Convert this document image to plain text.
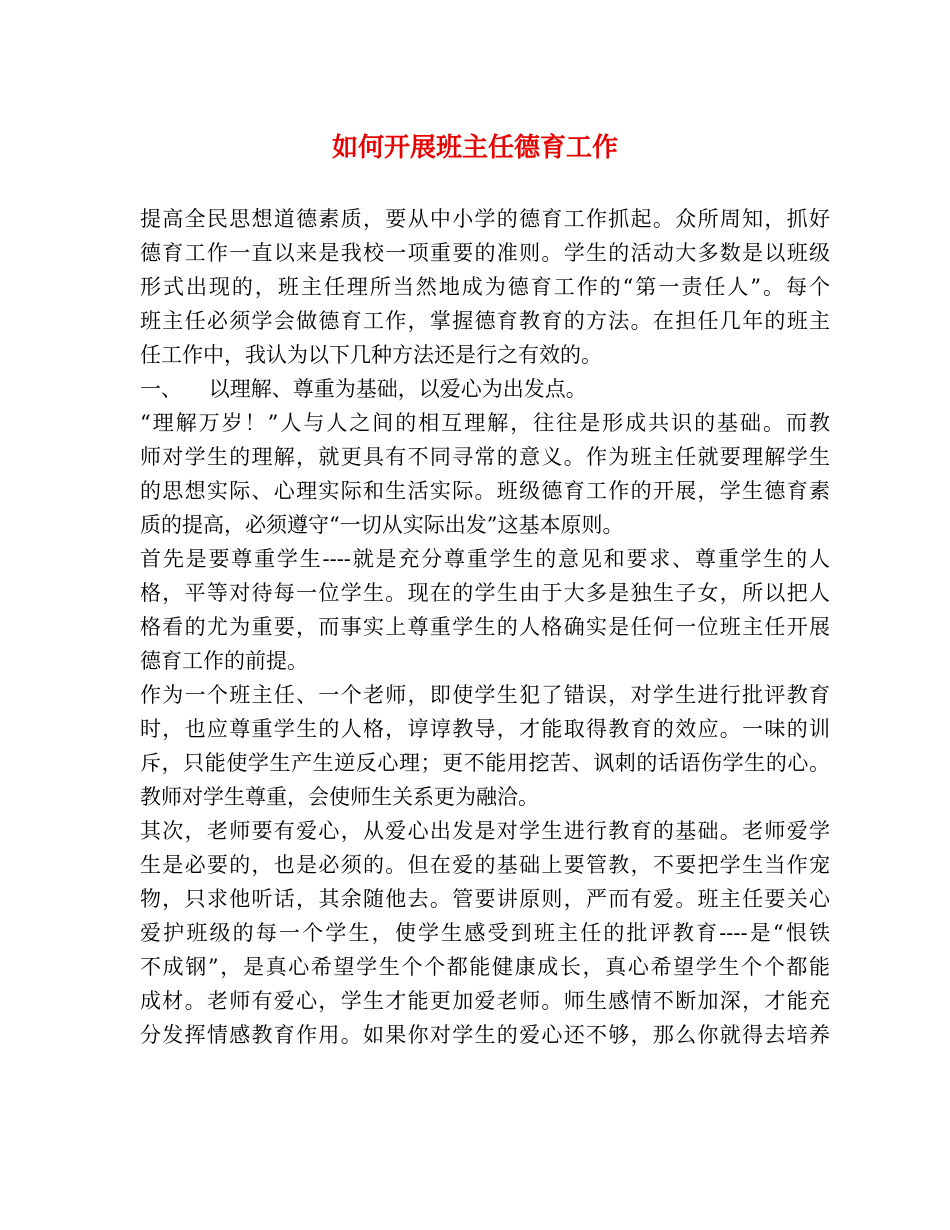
如何开展班主任德育工作
提高全民思想道德素质，要从中小学的德育工作抓起。众所周知，抓好
德育工作一直以来是我校一项重要的准则。学生的活动大多数是以班级
形式出现的，班主任理所当然地成为德育工作的“第一责任人”。每个
班主任必须学会做德育工作，掌握德育教育的方法。在担任几年的班主
任工作中，我认为以下几种方法还是行之有效的。
一、    以理解、尊重为基础，以爱心为出发点。
“理解万岁！”人与人之间的相互理解，往往是形成共识的基础。而教
师对学生的理解，就更具有不同寻常的意义。作为班主任就要理解学生
的思想实际、心理实际和生活实际。班级德育工作的开展，学生德育素
质的提高，必须遵守“一切从实际出发”这基本原则。
首先是要尊重学生----就是充分尊重学生的意见和要求、尊重学生的人
格，平等对待每一位学生。现在的学生由于大多是独生子女，所以把人
格看的尤为重要，而事实上尊重学生的人格确实是任何一位班主任开展
德育工作的前提。
作为一个班主任、一个老师，即使学生犯了错误，对学生进行批评教育
时，也应尊重学生的人格，谆谆教导，才能取得教育的效应。一味的训
斥，只能使学生产生逆反心理；更不能用挖苦、讽刺的话语伤学生的心。
教师对学生尊重，会使师生关系更为融洽。
其次，老师要有爱心，从爱心出发是对学生进行教育的基础。老师爱学
生是必要的，也是必须的。但在爱的基础上要管教，不要把学生当作宠
物，只求他听话，其余随他去。管要讲原则，严而有爱。班主任要关心
爱护班级的每一个学生，使学生感受到班主任的批评教育----是“恨铁
不成钢”，是真心希望学生个个都能健康成长，真心希望学生个个都能
成材。老师有爱心，学生才能更加爱老师。师生感情不断加深，才能充
分发挥情感教育作用。如果你对学生的爱心还不够，那么你就得去培养
